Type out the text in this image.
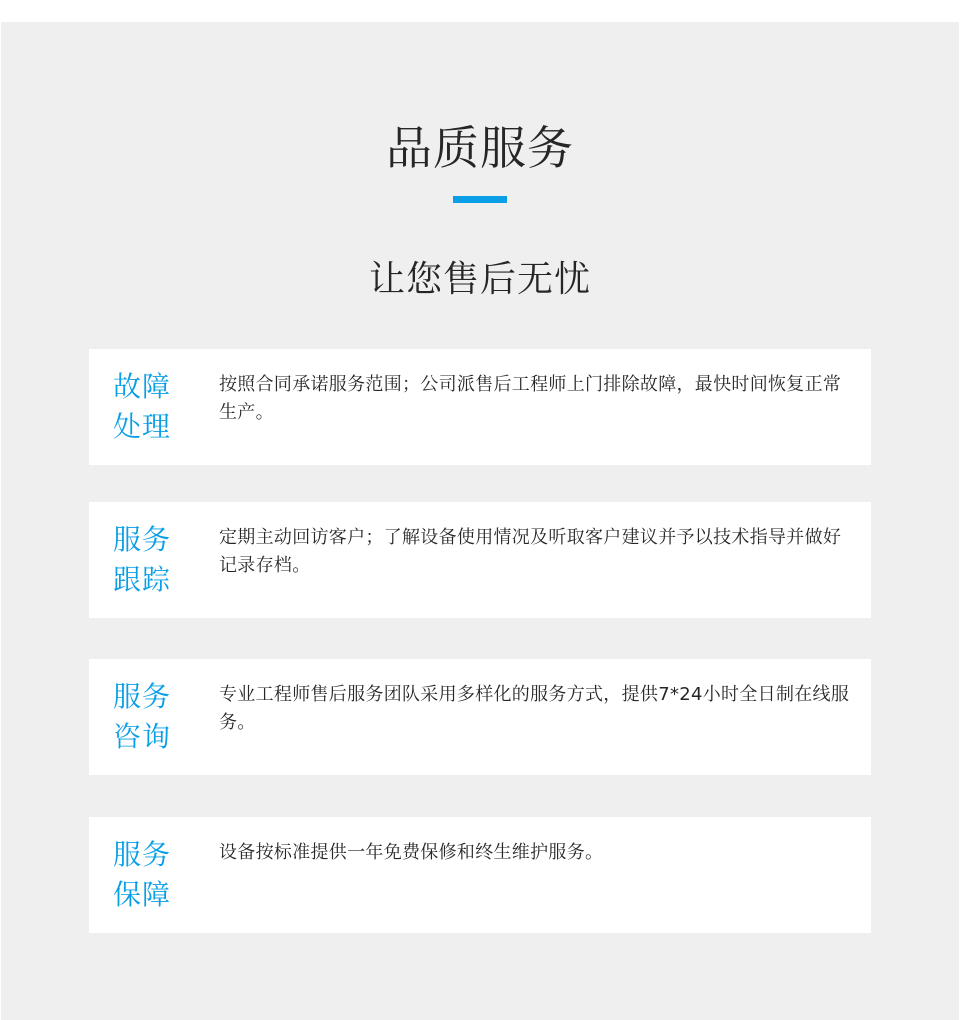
品质服务
让您售后无忧
故障
处理
按照合同承诺服务范围；公司派售后工程师上门排除故障，最快时间恢复正常生产。
服务
跟踪
定期主动回访客户；了解设备使用情况及听取客户建议并予以技术指导并做好记录存档。
服务
咨询
专业工程师售后服务团队采用多样化的服务方式，提供7*24小时全日制在线服务。
服务
保障
设备按标准提供一年免费保修和终生维护服务。
